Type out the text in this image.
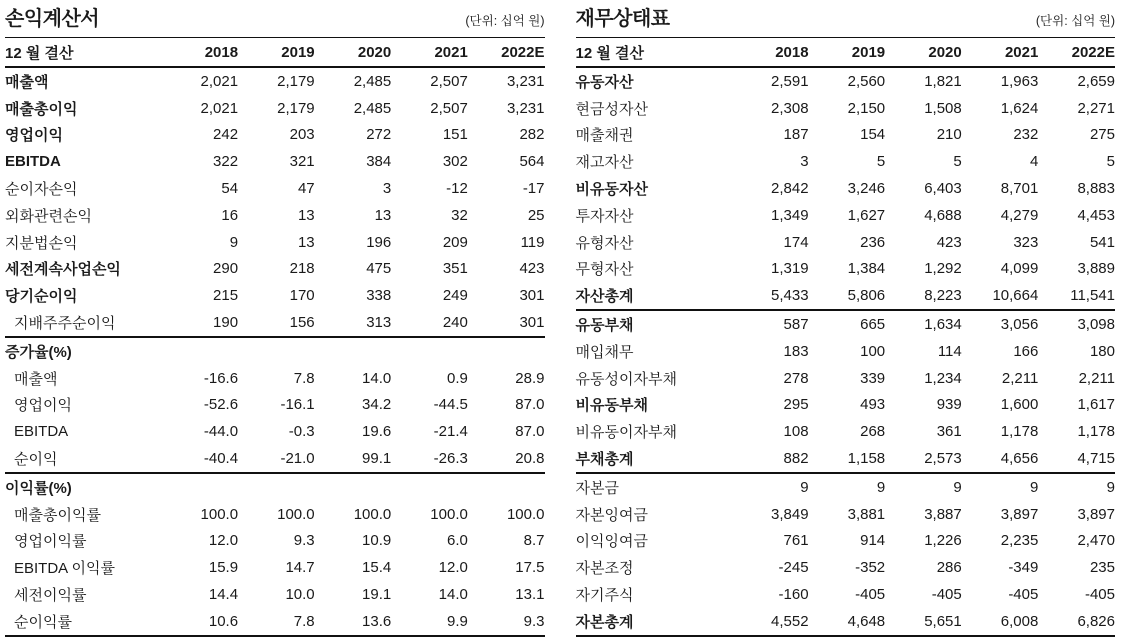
손익계산서	(단위: 십억 원)
12 월 결산	2018	2019	2020	2021	2022E
매출액	2,021	2,179	2,485	2,507	3,231
매출총이익	2,021	2,179	2,485	2,507	3,231
영업이익	242	203	272	151	282
EBITDA	322	321	384	302	564
순이자손익	54	47	3	-12	-17
외화관련손익	16	13	13	32	25
지분법손익	9	13	196	209	119
세전계속사업손익	290	218	475	351	423
당기순이익	215	170	338	249	301
지배주주순이익	190	156	313	240	301
증가율(%)					
매출액	-16.6	7.8	14.0	0.9	28.9
영업이익	-52.6	-16.1	34.2	-44.5	87.0
EBITDA	-44.0	-0.3	19.6	-21.4	87.0
순이익	-40.4	-21.0	99.1	-26.3	20.8
이익률(%)					
매출총이익률	100.0	100.0	100.0	100.0	100.0
영업이익률	12.0	9.3	10.9	6.0	8.7
EBITDA 이익률	15.9	14.7	15.4	12.0	17.5
세전이익률	14.4	10.0	19.1	14.0	13.1
순이익률	10.6	7.8	13.6	9.9	9.3
재무상태표	(단위: 십억 원)
12 월 결산	2018	2019	2020	2021	2022E
유동자산	2,591	2,560	1,821	1,963	2,659
현금성자산	2,308	2,150	1,508	1,624	2,271
매출채권	187	154	210	232	275
재고자산	3	5	5	4	5
비유동자산	2,842	3,246	6,403	8,701	8,883
투자자산	1,349	1,627	4,688	4,279	4,453
유형자산	174	236	423	323	541
무형자산	1,319	1,384	1,292	4,099	3,889
자산총계	5,433	5,806	8,223	10,664	11,541
유동부채	587	665	1,634	3,056	3,098
매입채무	183	100	114	166	180
유동성이자부채	278	339	1,234	2,211	2,211
비유동부채	295	493	939	1,600	1,617
비유동이자부채	108	268	361	1,178	1,178
부채총계	882	1,158	2,573	4,656	4,715
자본금	9	9	9	9	9
자본잉여금	3,849	3,881	3,887	3,897	3,897
이익잉여금	761	914	1,226	2,235	2,470
자본조정	-245	-352	286	-349	235
자기주식	-160	-405	-405	-405	-405
자본총계	4,552	4,648	5,651	6,008	6,826
